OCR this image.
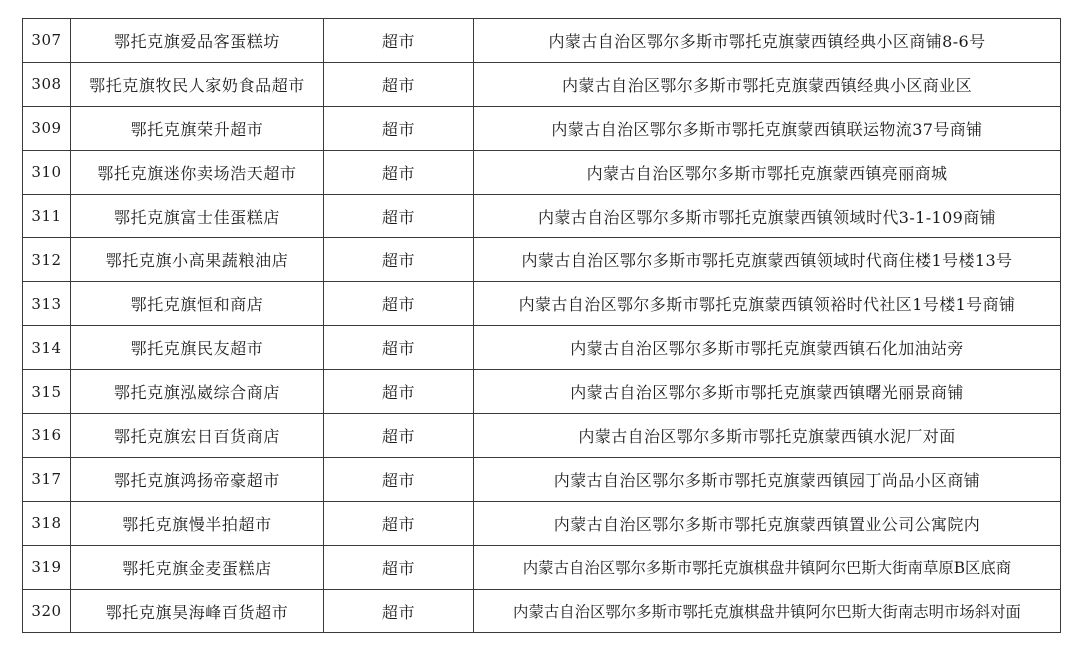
307	鄂托克旗爱品客蛋糕坊	超市	内蒙古自治区鄂尔多斯市鄂托克旗蒙西镇经典小区商铺8-6号
308	鄂托克旗牧民人家奶食品超市	超市	内蒙古自治区鄂尔多斯市鄂托克旗蒙西镇经典小区商业区
309	鄂托克旗荣升超市	超市	内蒙古自治区鄂尔多斯市鄂托克旗蒙西镇联运物流37号商铺
310	鄂托克旗迷你卖场浩天超市	超市	内蒙古自治区鄂尔多斯市鄂托克旗蒙西镇亮丽商城
311	鄂托克旗富士佳蛋糕店	超市	内蒙古自治区鄂尔多斯市鄂托克旗蒙西镇领域时代3-1-109商铺
312	鄂托克旗小高果蔬粮油店	超市	内蒙古自治区鄂尔多斯市鄂托克旗蒙西镇领域时代商住楼1号楼13号
313	鄂托克旗恒和商店	超市	内蒙古自治区鄂尔多斯市鄂托克旗蒙西镇领裕时代社区1号楼1号商铺
314	鄂托克旗民友超市	超市	内蒙古自治区鄂尔多斯市鄂托克旗蒙西镇石化加油站旁
315	鄂托克旗泓崴综合商店	超市	内蒙古自治区鄂尔多斯市鄂托克旗蒙西镇曙光丽景商铺
316	鄂托克旗宏日百货商店	超市	内蒙古自治区鄂尔多斯市鄂托克旗蒙西镇水泥厂对面
317	鄂托克旗鸿扬帝豪超市	超市	内蒙古自治区鄂尔多斯市鄂托克旗蒙西镇园丁尚品小区商铺
318	鄂托克旗慢半拍超市	超市	内蒙古自治区鄂尔多斯市鄂托克旗蒙西镇置业公司公寓院内
319	鄂托克旗金麦蛋糕店	超市	内蒙古自治区鄂尔多斯市鄂托克旗棋盘井镇阿尔巴斯大街南草原B区底商
320	鄂托克旗昊海峰百货超市	超市	内蒙古自治区鄂尔多斯市鄂托克旗棋盘井镇阿尔巴斯大街南志明市场斜对面
